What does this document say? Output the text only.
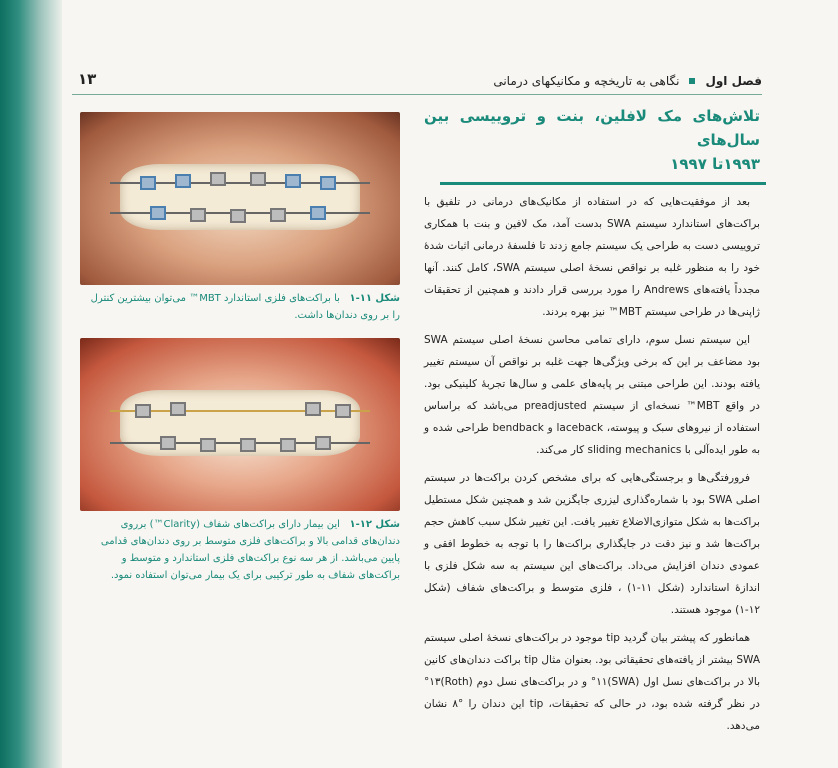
فصل اول
نگاهی به تاریخچه و مکانیکهای درمانی
۱۳
تلاش‌های مک لافلین، بنت و تروییسی بین سال‌های
۱۹۹۳تا ۱۹۹۷

بعد از موفقیت‌هایی که در استفاده از مکانیک‌های درمانی در تلفیق با براکت‌های استاندارد سیستم SWA بدست آمد، مک لافین و بنت با همکاری تروییسی دست به طراحی یک سیستم جامع زدند تا فلسفهٔ درمانی اثبات شدهٔ خود را به منظور غلبه بر نواقص نسخهٔ اصلی سیستم SWA، کامل کنند. آنها مجدداً یافته‌های Andrews را مورد بررسی قرار دادند و همچنین از تحقیقات ژاپنی‌ها در طراحی سیستم MBT™ نیز بهره بردند.

این سیستم نسل سوم، دارای تمامی محاسن نسخهٔ اصلی سیستم SWA بود مضاعف بر این که برخی ویژگی‌ها جهت غلبه بر نواقص آن سیستم تغییر یافته بودند. این طراحی مبتنی بر پایه‌های علمی و سال‌ها تجربهٔ کلینیکی بود. در واقع MBT™ نسخه‌ای از سیستم preadjusted می‌باشد که براساس استفاده از نیروهای سبک و پیوسته، laceback و bendback طراحی شده و به طور ایده‌آلی با sliding mechanics کار می‌کند.

فرورفتگی‌ها و برجستگی‌هایی که برای مشخص کردن براکت‌ها در سیستم اصلی SWA بود با شماره‌گذاری لیزری جایگزین شد و همچنین شکل مستطیل براکت‌ها به شکل متوازی‌الاضلاع تغییر یافت. این تغییر شکل سبب کاهش حجم براکت‌ها شد و نیز دقت در جایگذاری براکت‌ها را با توجه به خطوط افقی و عمودی دندان افزایش می‌داد. براکت‌های این سیستم به سه شکل فلزی با اندازهٔ استاندارد (شکل ۱۱-۱) ، فلزی متوسط و براکت‌های شفاف (شکل ۱۲-۱) موجود هستند.

همانطور که پیشتر بیان گردید tip موجود در براکت‌های نسخهٔ اصلی سیستم SWA بیشتر از یافته‌های تحقیقاتی بود. بعنوان مثال tip براکت دندان‌های کانین بالا در براکت‌های نسل اول (SWA)°۱۱ و در براکت‌های نسل دوم (Roth)°۱۳ در نظر گرفته شده بود، در حالی که تحقیقات، tip این دندان را °۸ نشان می‌دهد.

شکل ۱۱-۱   با براکت‌های فلزی استاندارد MBT™ می‌توان بیشترین کنترل را بر روی دندان‌ها داشت.
شکل ۱۲-۱   این بیمار دارای براکت‌های شفاف (Clarity™) برروی دندان‌های قدامی بالا و براکت‌های فلزی متوسط بر روی دندان‌های قدامی پایین می‌باشد. از هر سه نوع براکت‌های فلزی استاندارد و متوسط و براکت‌های شفاف به طور ترکیبی برای یک بیمار می‌توان استفاده نمود.
